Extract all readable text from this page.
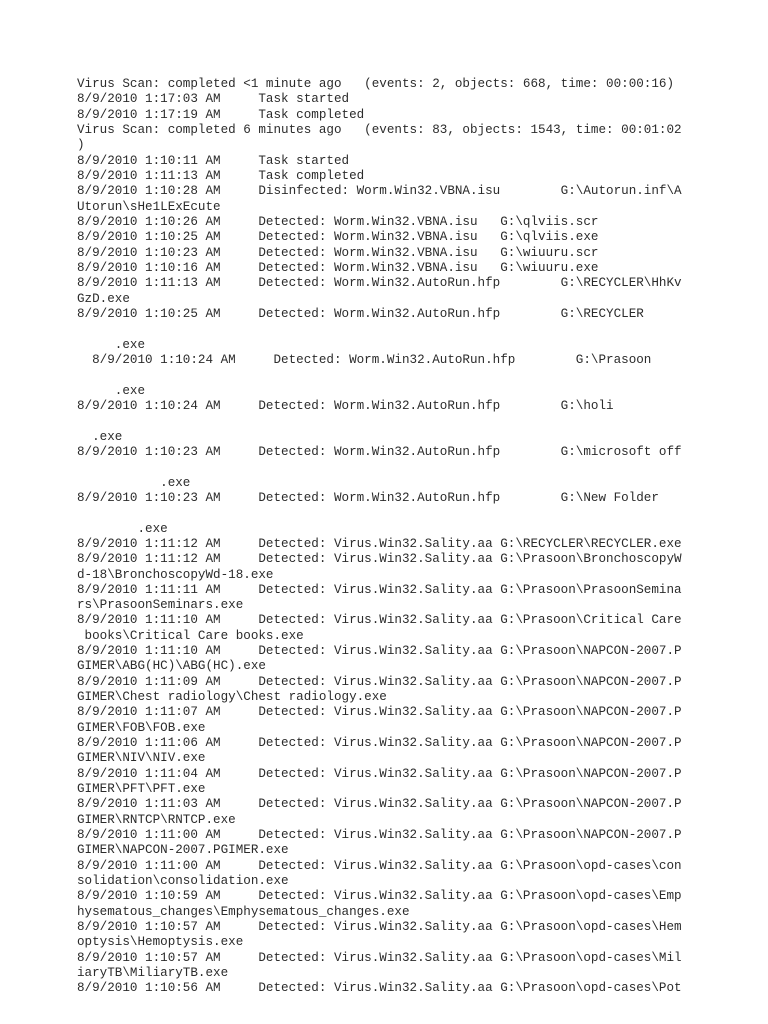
Virus Scan: completed <1 minute ago   (events: 2, objects: 668, time: 00:00:16)
8/9/2010 1:17:03 AM     Task started
8/9/2010 1:17:19 AM     Task completed
Virus Scan: completed 6 minutes ago   (events: 83, objects: 1543, time: 00:01:02
)
8/9/2010 1:10:11 AM     Task started
8/9/2010 1:11:13 AM     Task completed
8/9/2010 1:10:28 AM     Disinfected: Worm.Win32.VBNA.isu        G:\Autorun.inf\A
Utorun\sHe1LExEcute
8/9/2010 1:10:26 AM     Detected: Worm.Win32.VBNA.isu   G:\qlviis.scr
8/9/2010 1:10:25 AM     Detected: Worm.Win32.VBNA.isu   G:\qlviis.exe
8/9/2010 1:10:23 AM     Detected: Worm.Win32.VBNA.isu   G:\wiuuru.scr
8/9/2010 1:10:16 AM     Detected: Worm.Win32.VBNA.isu   G:\wiuuru.exe
8/9/2010 1:11:13 AM     Detected: Worm.Win32.AutoRun.hfp        G:\RECYCLER\HhKv
GzD.exe
8/9/2010 1:10:25 AM     Detected: Worm.Win32.AutoRun.hfp        G:\RECYCLER
.exe
8/9/2010 1:10:24 AM     Detected: Worm.Win32.AutoRun.hfp        G:\Prasoon
.exe
8/9/2010 1:10:24 AM     Detected: Worm.Win32.AutoRun.hfp        G:\holi
.exe
8/9/2010 1:10:23 AM     Detected: Worm.Win32.AutoRun.hfp        G:\microsoft off
.exe
8/9/2010 1:10:23 AM     Detected: Worm.Win32.AutoRun.hfp        G:\New Folder
.exe
8/9/2010 1:11:12 AM     Detected: Virus.Win32.Sality.aa G:\RECYCLER\RECYCLER.exe
8/9/2010 1:11:12 AM     Detected: Virus.Win32.Sality.aa G:\Prasoon\BronchoscopyW
d-18\BronchoscopyWd-18.exe
8/9/2010 1:11:11 AM     Detected: Virus.Win32.Sality.aa G:\Prasoon\PrasoonSemina
rs\PrasoonSeminars.exe
8/9/2010 1:11:10 AM     Detected: Virus.Win32.Sality.aa G:\Prasoon\Critical Care
books\Critical Care books.exe
8/9/2010 1:11:10 AM     Detected: Virus.Win32.Sality.aa G:\Prasoon\NAPCON-2007.P
GIMER\ABG(HC)\ABG(HC).exe
8/9/2010 1:11:09 AM     Detected: Virus.Win32.Sality.aa G:\Prasoon\NAPCON-2007.P
GIMER\Chest radiology\Chest radiology.exe
8/9/2010 1:11:07 AM     Detected: Virus.Win32.Sality.aa G:\Prasoon\NAPCON-2007.P
GIMER\FOB\FOB.exe
8/9/2010 1:11:06 AM     Detected: Virus.Win32.Sality.aa G:\Prasoon\NAPCON-2007.P
GIMER\NIV\NIV.exe
8/9/2010 1:11:04 AM     Detected: Virus.Win32.Sality.aa G:\Prasoon\NAPCON-2007.P
GIMER\PFT\PFT.exe
8/9/2010 1:11:03 AM     Detected: Virus.Win32.Sality.aa G:\Prasoon\NAPCON-2007.P
GIMER\RNTCP\RNTCP.exe
8/9/2010 1:11:00 AM     Detected: Virus.Win32.Sality.aa G:\Prasoon\NAPCON-2007.P
GIMER\NAPCON-2007.PGIMER.exe
8/9/2010 1:11:00 AM     Detected: Virus.Win32.Sality.aa G:\Prasoon\opd-cases\con
solidation\consolidation.exe
8/9/2010 1:10:59 AM     Detected: Virus.Win32.Sality.aa G:\Prasoon\opd-cases\Emp
hysematous_changes\Emphysematous_changes.exe
8/9/2010 1:10:57 AM     Detected: Virus.Win32.Sality.aa G:\Prasoon\opd-cases\Hem
optysis\Hemoptysis.exe
8/9/2010 1:10:57 AM     Detected: Virus.Win32.Sality.aa G:\Prasoon\opd-cases\Mil
iaryTB\MiliaryTB.exe
8/9/2010 1:10:56 AM     Detected: Virus.Win32.Sality.aa G:\Prasoon\opd-cases\Pot
